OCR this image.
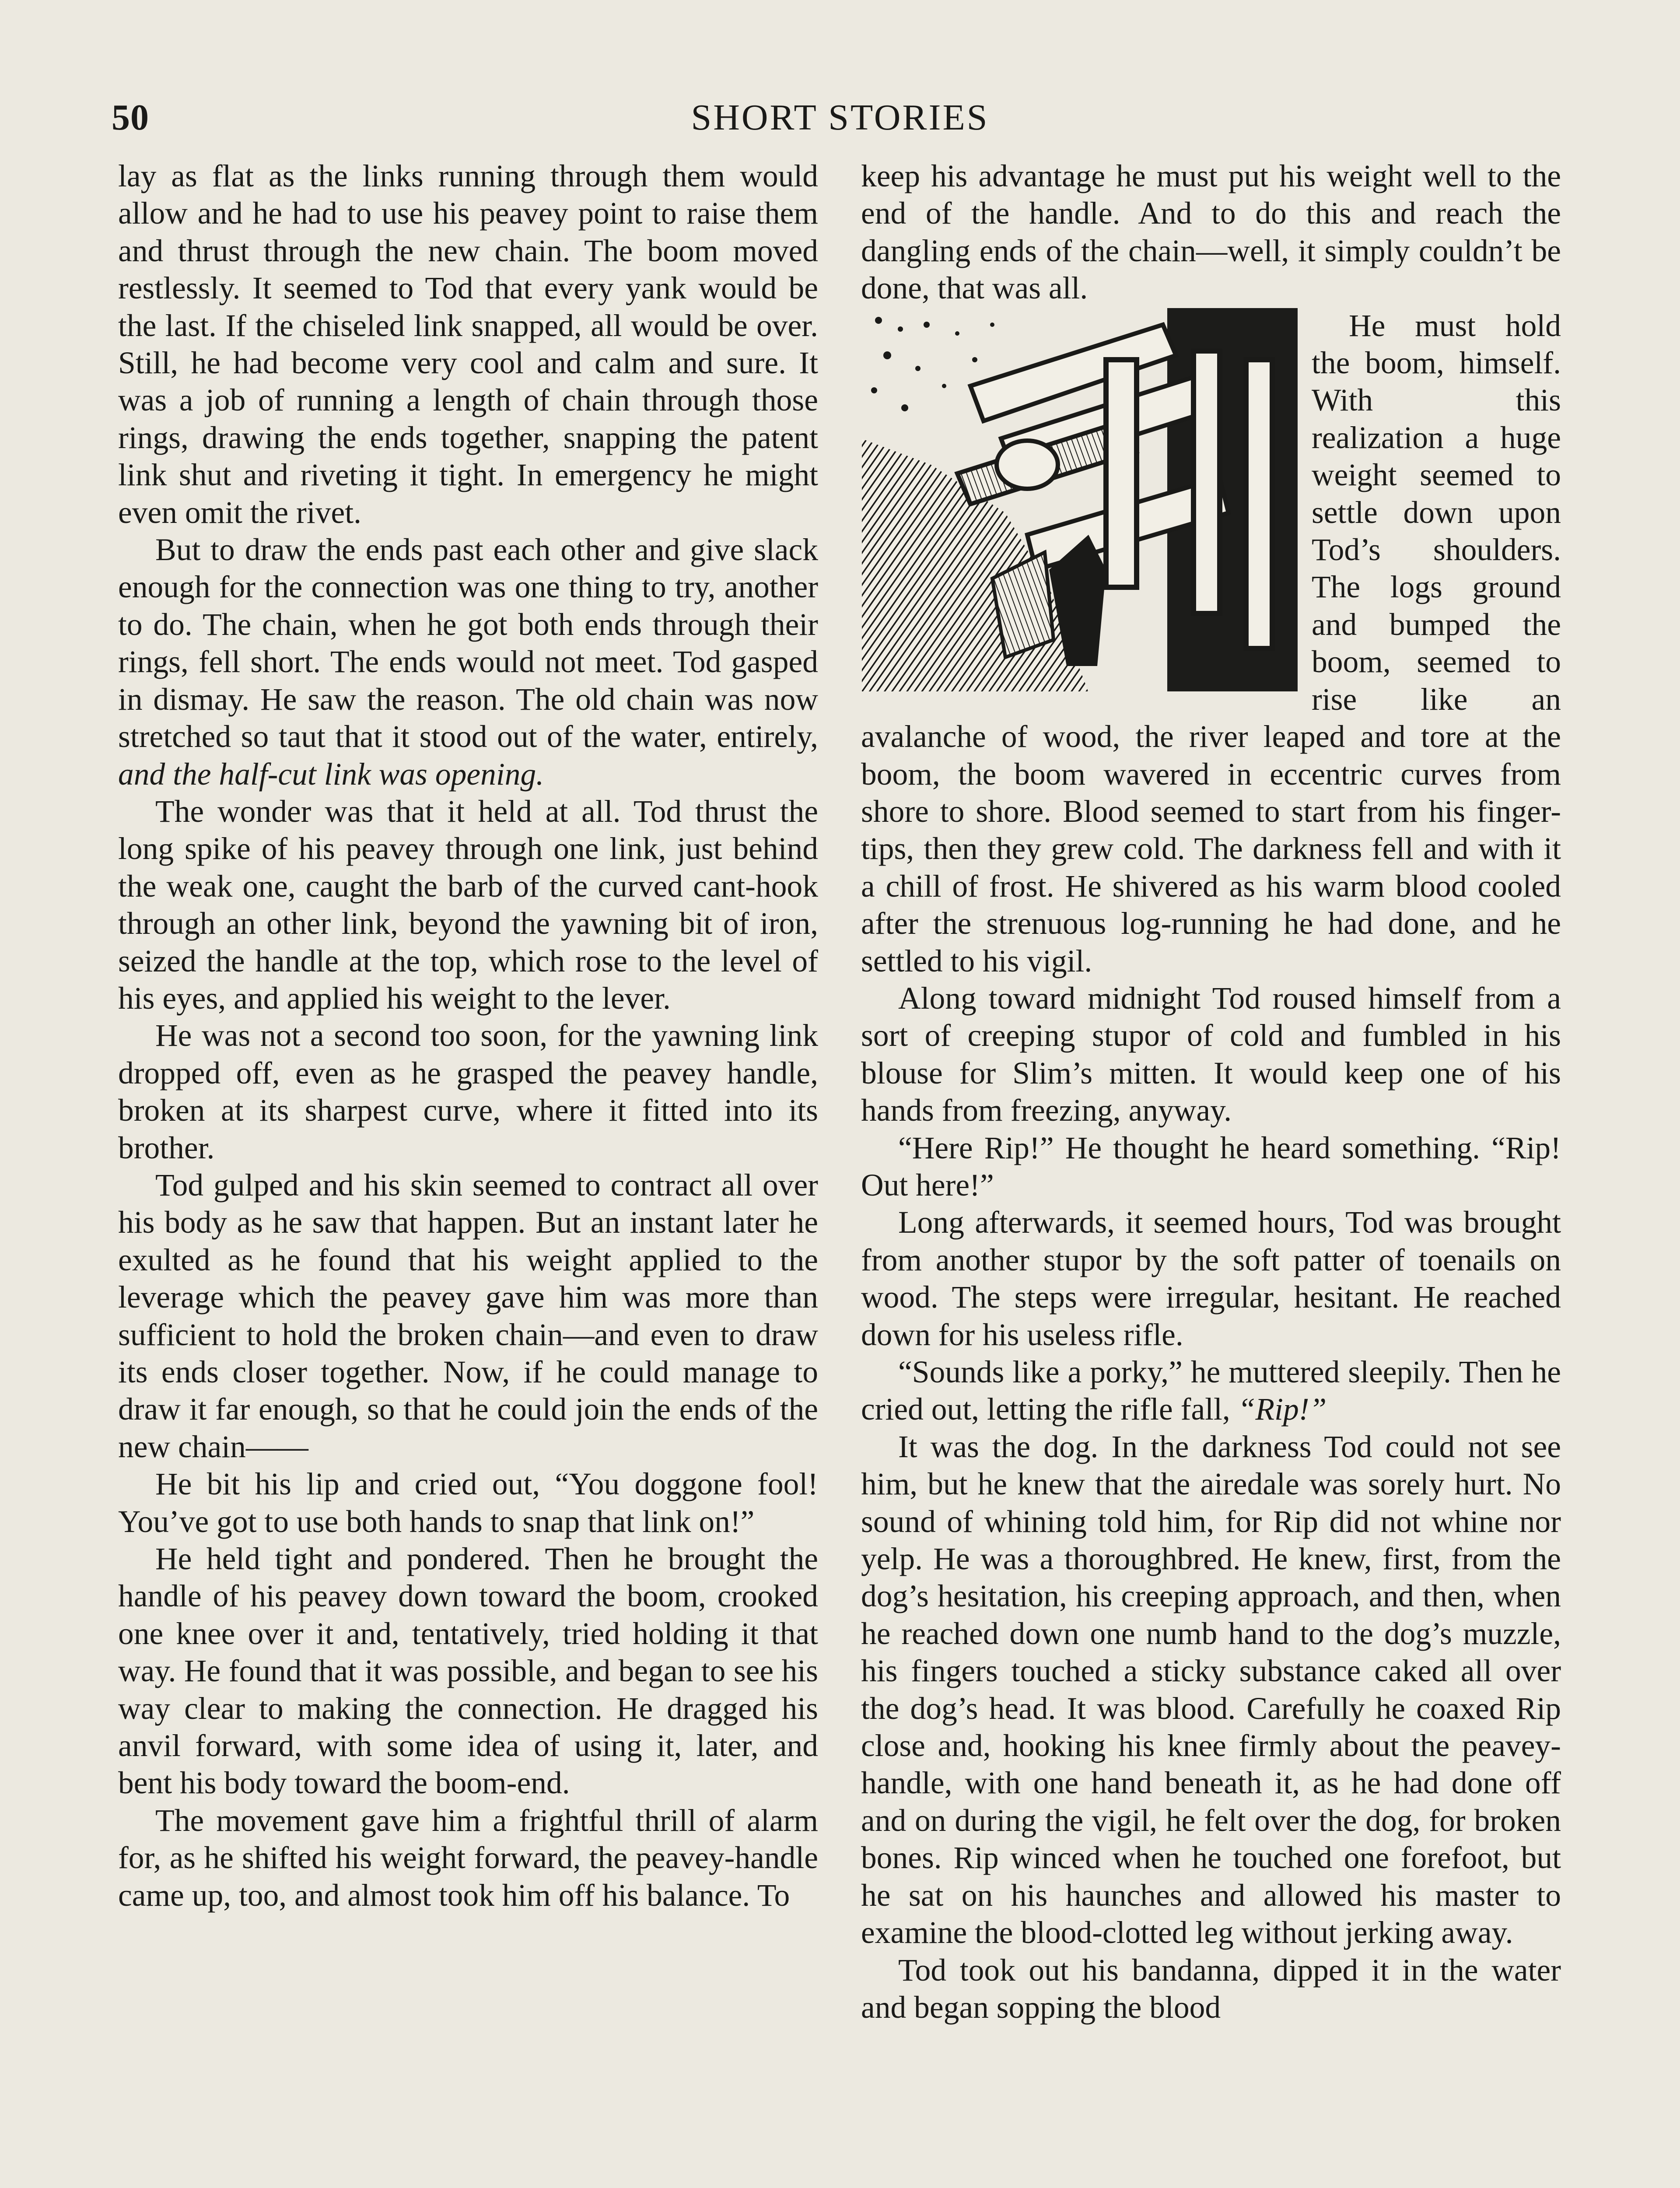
50	SHORT STORIES

lay as flat as the links running through them would allow and he had to use his peavey point to raise them and thrust through the new chain. The boom moved restlessly. It seemed to Tod that every yank would be the last. If the chiseled link snapped, all would be over. Still, he had become very cool and calm and sure. It was a job of running a length of chain through those rings, drawing the ends together, snapping the patent link shut and riveting it tight. In emergency he might even omit the rivet.

But to draw the ends past each other and give slack enough for the connection was one thing to try, another to do. The chain, when he got both ends through their rings, fell short. The ends would not meet. Tod gasped in dismay. He saw the reason. The old chain was now stretched so taut that it stood out of the water, entirely, and the half-cut link was opening.

The wonder was that it held at all. Tod thrust the long spike of his peavey through one link, just behind the weak one, caught the barb of the curved cant-hook through an other link, beyond the yawning bit of iron, seized the handle at the top, which rose to the level of his eyes, and applied his weight to the lever.

He was not a second too soon, for the yawning link dropped off, even as he grasped the peavey handle, broken at its sharpest curve, where it fitted into its brother.

Tod gulped and his skin seemed to contract all over his body as he saw that happen. But an instant later he exulted as he found that his weight applied to the leverage which the peavey gave him was more than sufficient to hold the broken chain—and even to draw its ends closer together. Now, if he could manage to draw it far enough, so that he could join the ends of the new chain——

He bit his lip and cried out, “You doggone fool! You’ve got to use both hands to snap that link on!”

He held tight and pondered. Then he brought the handle of his peavey down toward the boom, crooked one knee over it and, tentatively, tried holding it that way. He found that it was possible, and began to see his way clear to making the connection. He dragged his anvil forward, with some idea of using it, later, and bent his body toward the boom-end.

The movement gave him a frightful thrill of alarm for, as he shifted his weight forward, the peavey-handle came up, too, and almost took him off his balance. To

keep his advantage he must put his weight well to the end of the handle. And to do this and reach the dangling ends of the chain—well, it simply couldn’t be done, that was all.

He must hold the boom, himself. With this realization a huge weight seemed to settle down upon Tod’s shoulders. The logs ground and bumped the boom, seemed to rise like an avalanche of wood, the river leaped and tore at the boom, the boom wavered in eccentric curves from shore to shore. Blood seemed to start from his finger-tips, then they grew cold. The darkness fell and with it a chill of frost. He shivered as his warm blood cooled after the strenuous log-running he had done, and he settled to his vigil.

Along toward midnight Tod roused himself from a sort of creeping stupor of cold and fumbled in his blouse for Slim’s mitten. It would keep one of his hands from freezing, anyway.

“Here Rip!” He thought he heard something. “Rip! Out here!”

Long afterwards, it seemed hours, Tod was brought from another stupor by the soft patter of toenails on wood. The steps were irregular, hesitant. He reached down for his useless rifle.

“Sounds like a porky,” he muttered sleepily. Then he cried out, letting the rifle fall, “Rip!”

It was the dog. In the darkness Tod could not see him, but he knew that the airedale was sorely hurt. No sound of whining told him, for Rip did not whine nor yelp. He was a thoroughbred. He knew, first, from the dog’s hesitation, his creeping approach, and then, when he reached down one numb hand to the dog’s muzzle, his fingers touched a sticky substance caked all over the dog’s head. It was blood. Carefully he coaxed Rip close and, hooking his knee firmly about the peavey-handle, with one hand beneath it, as he had done off and on during the vigil, he felt over the dog, for broken bones. Rip winced when he touched one forefoot, but he sat on his haunches and allowed his master to examine the blood-clotted leg without jerking away.

Tod took out his bandanna, dipped it in the water and began sopping the blood
